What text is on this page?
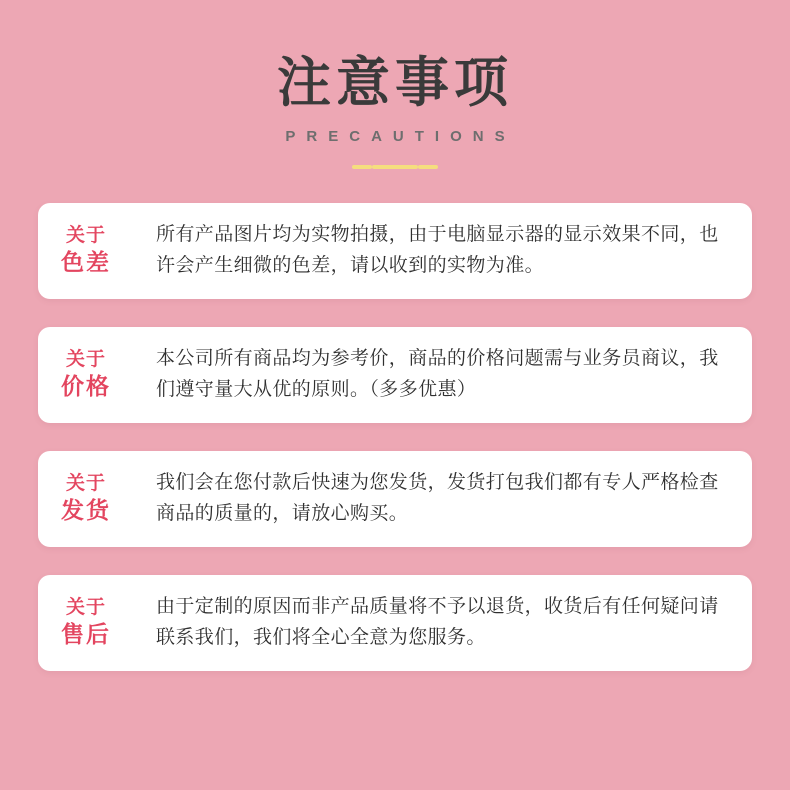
注意事项
PRECAUTIONS
关于
色差

所有产品图片均为实物拍摄，由于电脑显示器的显示效果不同，也许会产生细微的色差，请以收到的实物为准。

关于
价格

本公司所有商品均为参考价，商品的价格问题需与业务员商议，我们遵守量大从优的原则。（多多优惠）

关于
发货

我们会在您付款后快速为您发货，发货打包我们都有专人严格检查商品的质量的，请放心购买。

关于
售后

由于定制的原因而非产品质量将不予以退货，收货后有任何疑问请联系我们，我们将全心全意为您服务。
